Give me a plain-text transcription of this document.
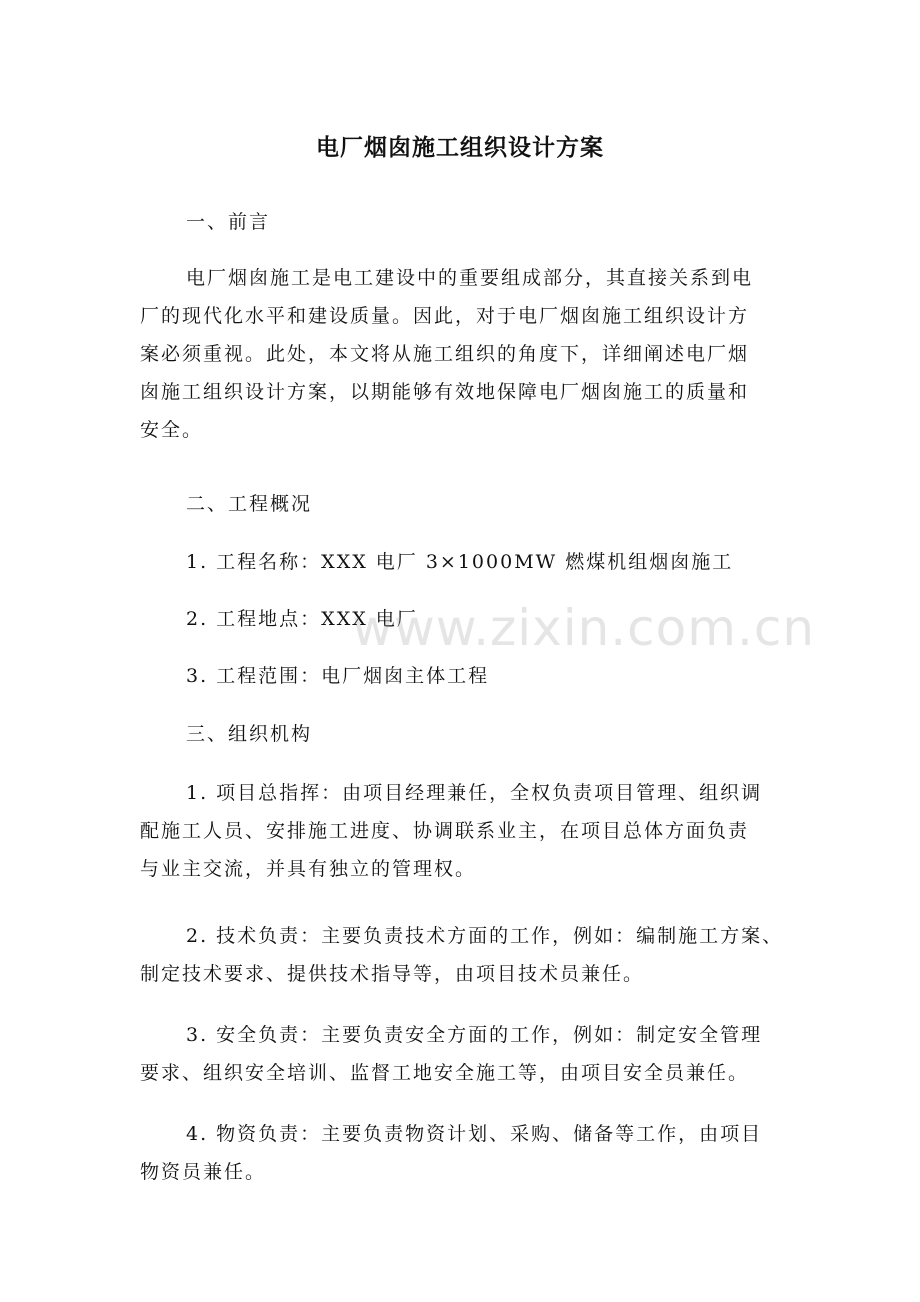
电厂烟囱施工组织设计方案
一、前言
电厂烟囱施工是电工建设中的重要组成部分，其直接关系到电
厂的现代化水平和建设质量。因此，对于电厂烟囱施工组织设计方
案必须重视。此处，本文将从施工组织的角度下，详细阐述电厂烟
囱施工组织设计方案，以期能够有效地保障电厂烟囱施工的质量和
安全。
二、工程概况
1. 工程名称：XXX 电厂 3×1000MW 燃煤机组烟囱施工
2. 工程地点：XXX 电厂
3. 工程范围：电厂烟囱主体工程
三、组织机构
1. 项目总指挥：由项目经理兼任，全权负责项目管理、组织调
配施工人员、安排施工进度、协调联系业主，在项目总体方面负责
与业主交流，并具有独立的管理权。
2. 技术负责：主要负责技术方面的工作，例如：编制施工方案、
制定技术要求、提供技术指导等，由项目技术员兼任。
3. 安全负责：主要负责安全方面的工作，例如：制定安全管理
要求、组织安全培训、监督工地安全施工等，由项目安全员兼任。
4. 物资负责：主要负责物资计划、采购、储备等工作，由项目
物资员兼任。
www.zixin.com.cn
